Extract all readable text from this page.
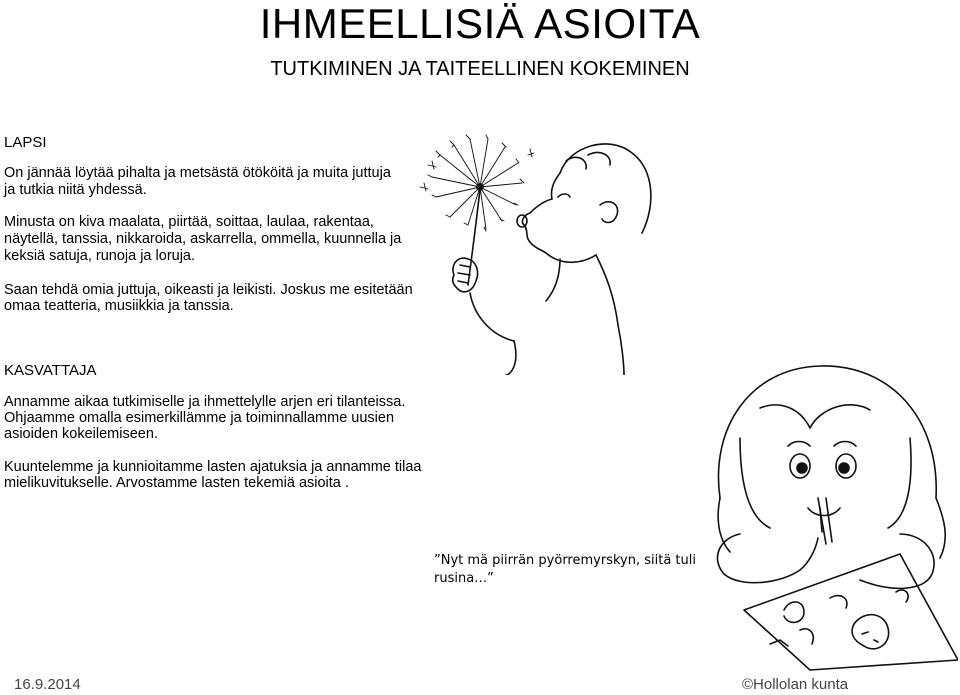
IHMEELLISIÄ ASIOITA
TUTKIMINEN JA TAITEELLINEN KOKEMINEN
LAPSI

On jännää löytää pihalta ja metsästä ötököitä ja muita juttuja ja tutkia niitä yhdessä.

Minusta on kiva maalata, piirtää, soittaa, laulaa, rakentaa, näytellä, tanssia, nikkaroida, askarrella, ommella, kuunnella ja keksiä satuja, runoja ja loruja.

Saan tehdä omia juttuja, oikeasti ja leikisti. Joskus me esitetään omaa teatteria, musiikkia ja tanssia.

KASVATTAJA

Annamme aikaa tutkimiselle ja ihmettelylle arjen eri tilanteissa. Ohjaamme omalla esimerkillämme ja toiminnallamme uusien asioiden kokeilemiseen.

Kuuntelemme ja kunnioitamme lasten ajatuksia ja annamme tilaa mielikuvitukselle. Arvostamme lasten tekemiä asioita .

”Nyt mä piirrän pyörremyrskyn, siitä tuli rusina…”
16.9.2014	©Hollolan kunta
